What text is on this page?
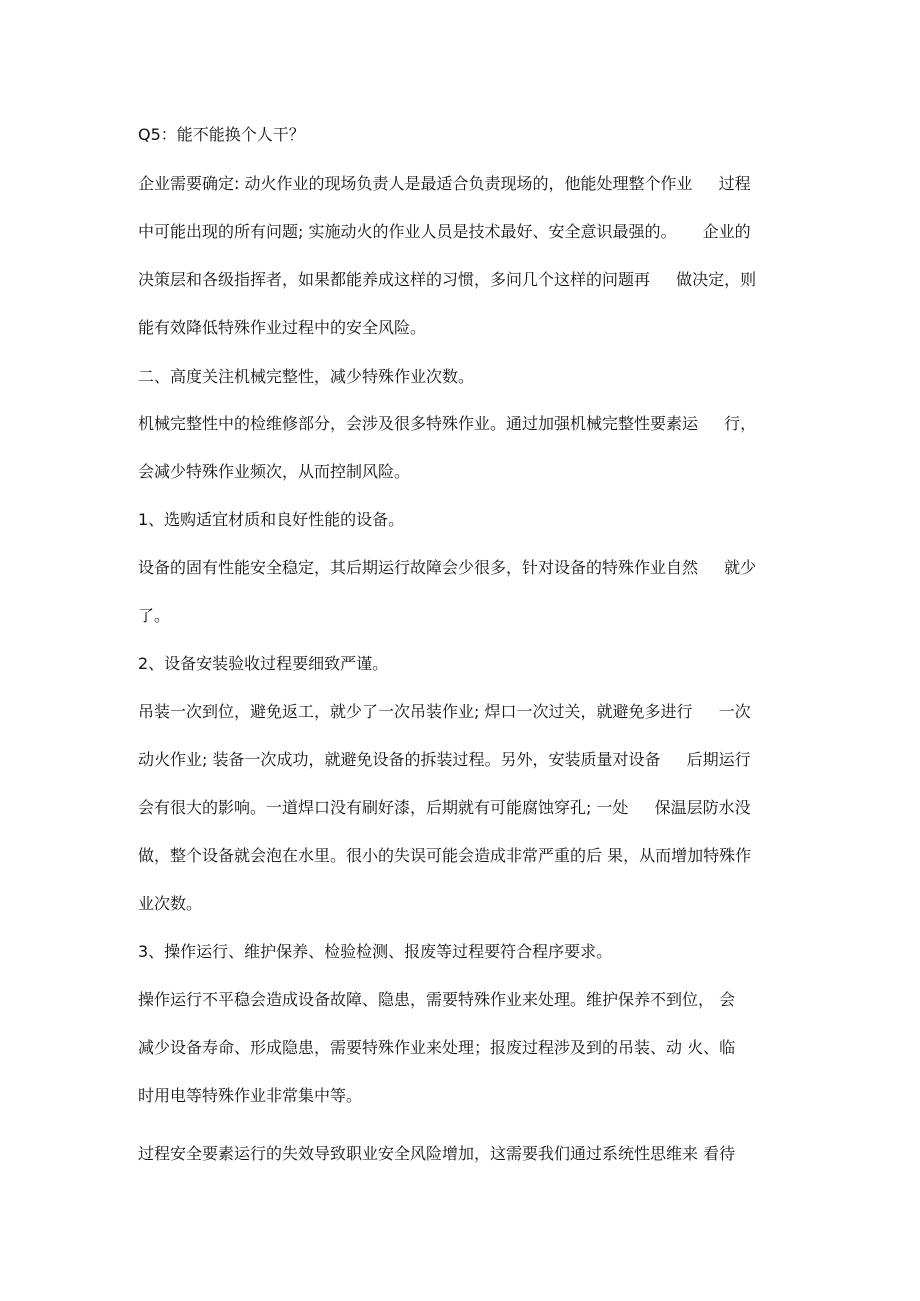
Q5：能不能换个人干？
企业需要确定: 动火作业的现场负责人是最适合负责现场的，他能处理整个作业 　 过程
中可能出现的所有问题; 实施动火的作业人员是技术最好、安全意识最强的。 　 企业的
决策层和各级指挥者，如果都能养成这样的习惯，多问几个这样的问题再 　 做决定，则
能有效降低特殊作业过程中的安全风险。
二、高度关注机械完整性，减少特殊作业次数。
机械完整性中的检维修部分，会涉及很多特殊作业。通过加强机械完整性要素运 　 行，
会减少特殊作业频次，从而控制风险。
1、选购适宜材质和良好性能的设备。
设备的固有性能安全稳定，其后期运行故障会少很多，针对设备的特殊作业自然 　 就少
了。
2、设备安装验收过程要细致严谨。
吊装一次到位，避免返工，就少了一次吊装作业; 焊口一次过关，就避免多进行 　 一次
动火作业; 装备一次成功，就避免设备的拆装过程。另外，安装质量对设备 　 后期运行
会有很大的影响。一道焊口没有刷好漆，后期就有可能腐蚀穿孔; 一处 　 保温层防水没
做，整个设备就会泡在水里。很小的失误可能会造成非常严重的后 果，从而增加特殊作
业次数。
3、操作运行、维护保养、检验检测、报废等过程要符合程序要求。
操作运行不平稳会造成设备故障、隐患，需要特殊作业来处理。维护保养不到位， 会
减少设备寿命、形成隐患，需要特殊作业来处理；报废过程涉及到的吊装、动 火、临
时用电等特殊作业非常集中等。
过程安全要素运行的失效导致职业安全风险增加，这需要我们通过系统性思维来 看待
